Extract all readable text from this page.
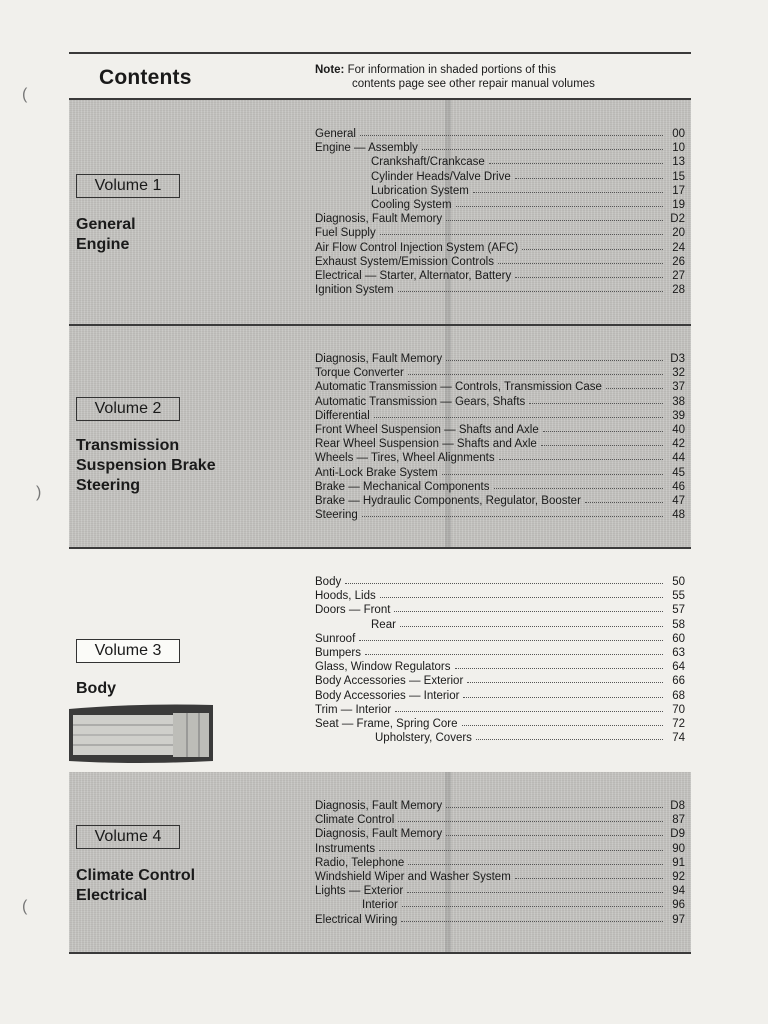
Contents	Note: For information in shaded portions of this
contents page see other repair manual volumes
Volume 1
General
Engine
General	00
Engine — Assembly	10
Crankshaft/Crankcase	13
Cylinder Heads/Valve Drive	15
Lubrication System	17
Cooling System	19
Diagnosis, Fault Memory	D2
Fuel Supply	20
Air Flow Control Injection System (AFC)	24
Exhaust System/Emission Controls	26
Electrical — Starter, Alternator, Battery	27
Ignition System	28
Volume 2
Transmission
Suspension Brake
Steering
Diagnosis, Fault Memory	D3
Torque Converter	32
Automatic Transmission — Controls, Transmission Case	37
Automatic Transmission — Gears, Shafts	38
Differential	39
Front Wheel Suspension — Shafts and Axle	40
Rear Wheel Suspension — Shafts and Axle	42
Wheels — Tires, Wheel Alignments	44
Anti-Lock Brake System	45
Brake — Mechanical Components	46
Brake — Hydraulic Components, Regulator, Booster	47
Steering	48
Volume 3
Body
Body	50
Hoods, Lids	55
Doors — Front	57
Rear	58
Sunroof	60
Bumpers	63
Glass, Window Regulators	64
Body Accessories — Exterior	66
Body Accessories — Interior	68
Trim — Interior	70
Seat — Frame, Spring Core	72
Upholstery, Covers	74
Volume 4
Climate Control
Electrical
Diagnosis, Fault Memory	D8
Climate Control	87
Diagnosis, Fault Memory	D9
Instruments	90
Radio, Telephone	91
Windshield Wiper and Washer System	92
Lights — Exterior	94
Interior	96
Electrical Wiring	97
(
)
(
